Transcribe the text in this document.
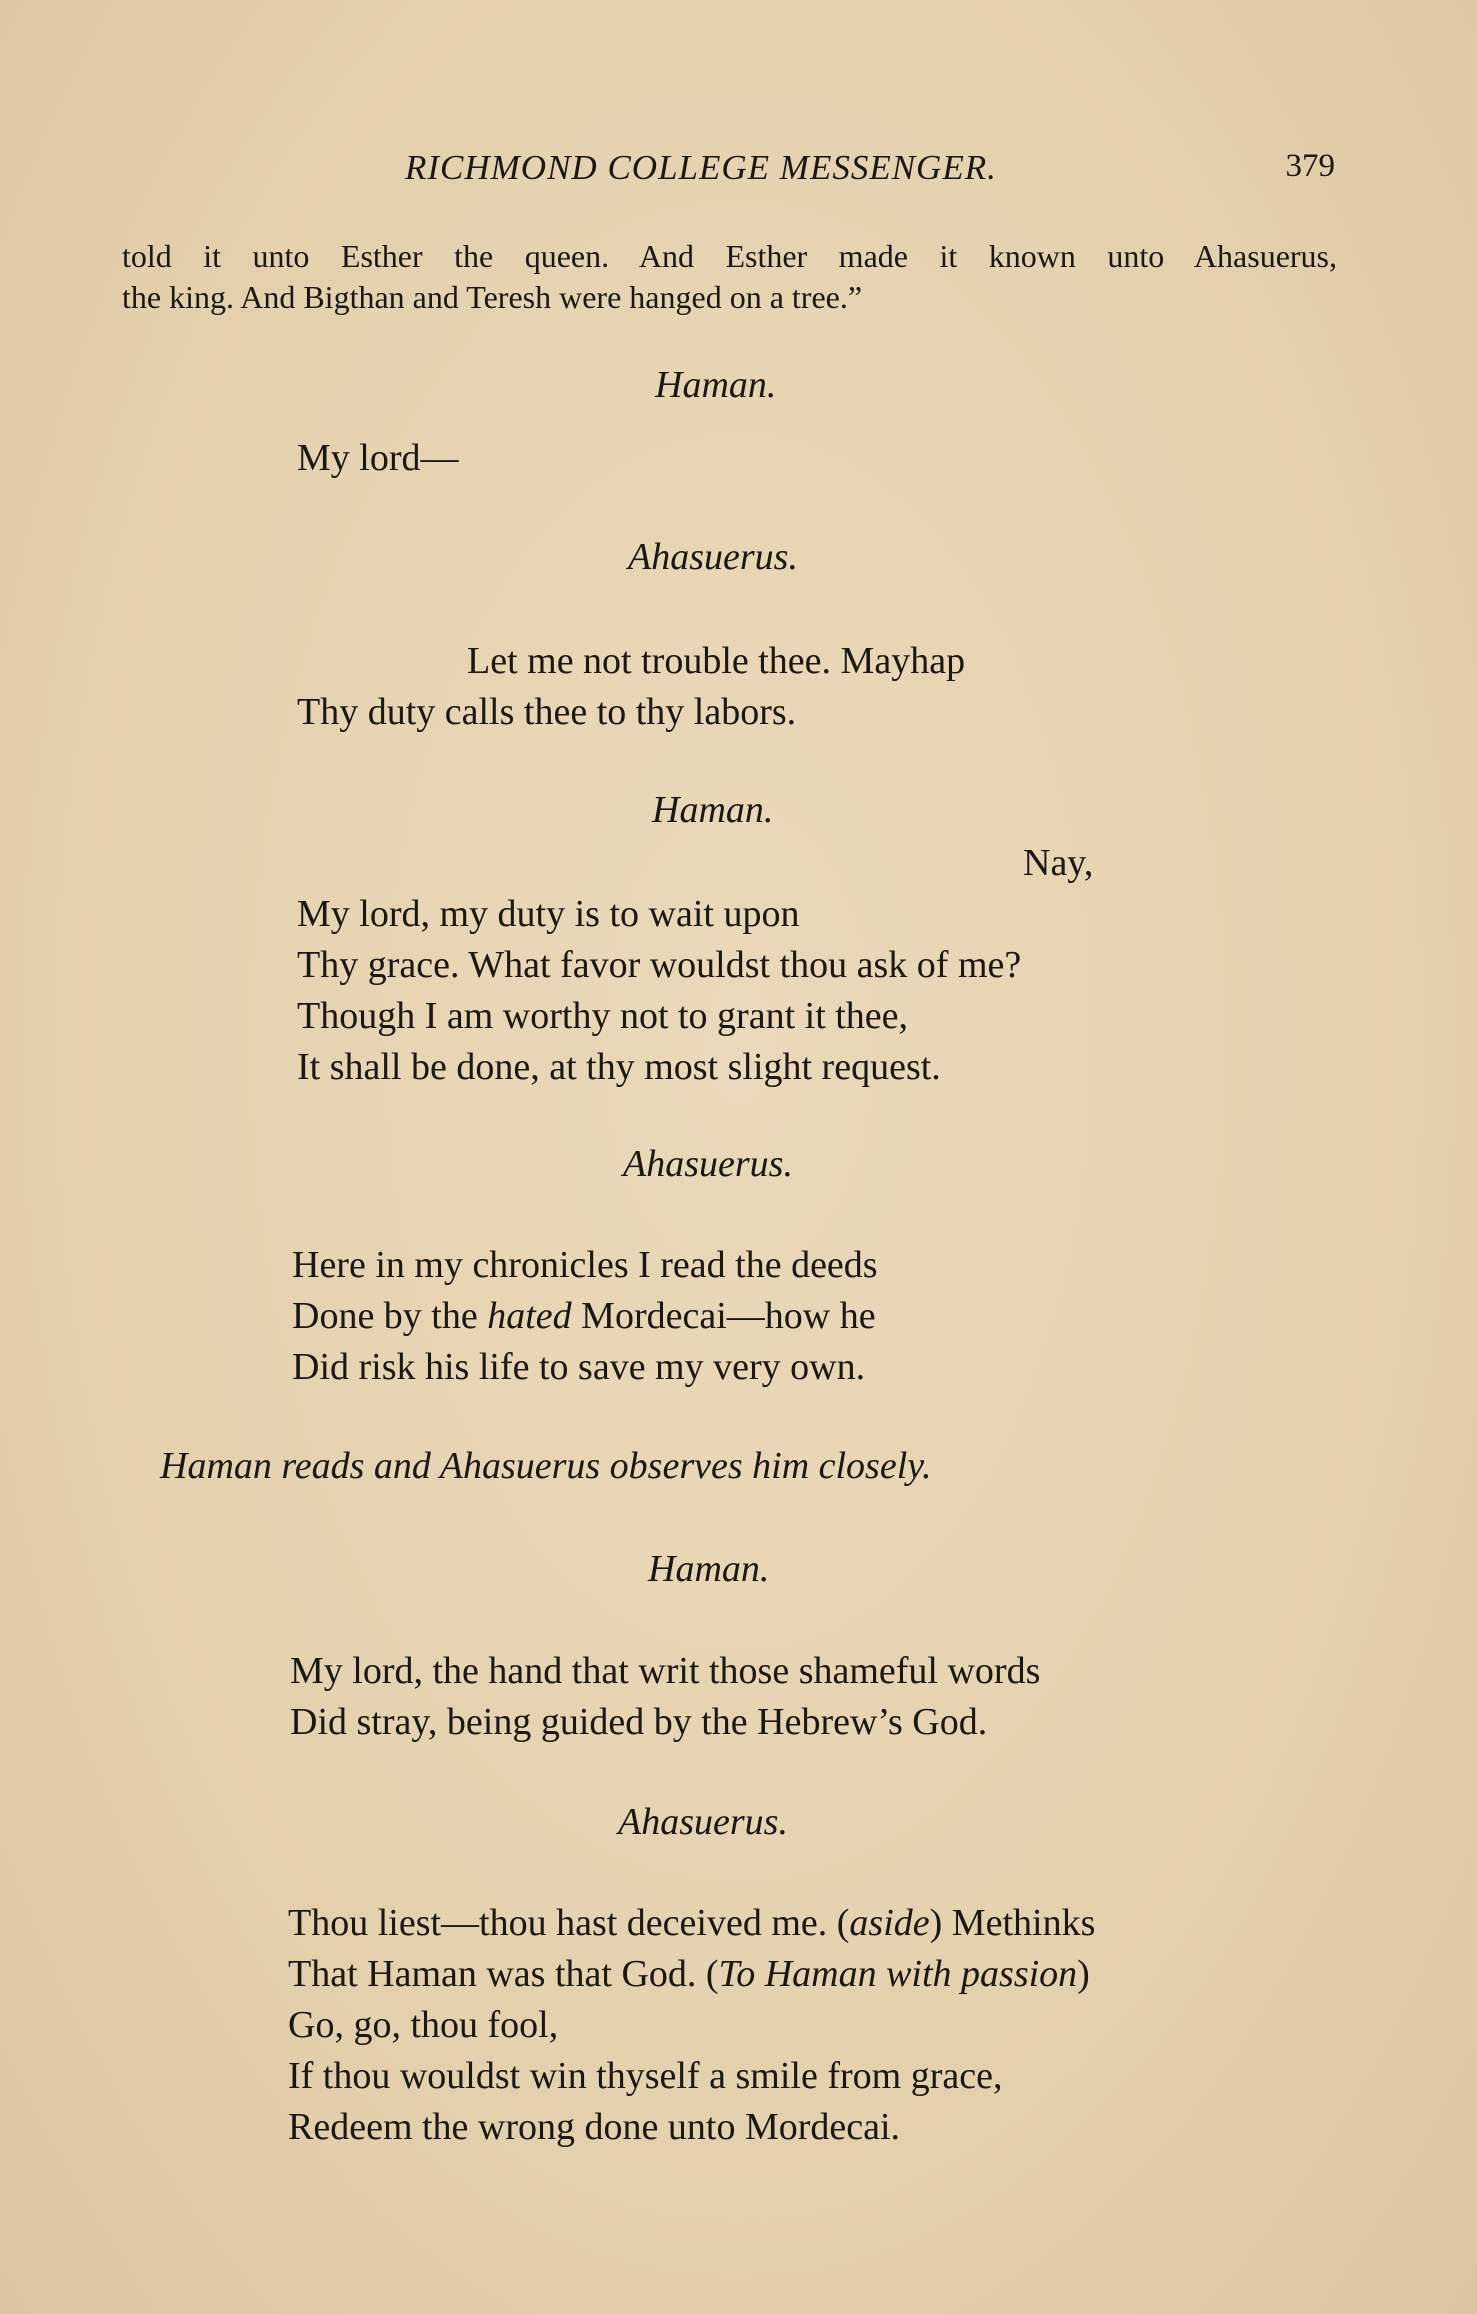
RICHMOND COLLEGE MESSENGER.	379
told it unto Esther the queen. And Esther made it known unto Ahasuerus,
the king. And Bigthan and Teresh were hanged on a tree.”
Haman.
My lord—
Ahasuerus.
Let me not trouble thee. Mayhap
Thy duty calls thee to thy labors.
Haman.
Nay,
My lord, my duty is to wait upon
Thy grace. What favor wouldst thou ask of me?
Though I am worthy not to grant it thee,
It shall be done, at thy most slight request.
Ahasuerus.
Here in my chronicles I read the deeds
Done by the hated Mordecai—how he
Did risk his life to save my very own.
Haman reads and Ahasuerus observes him closely.
Haman.
My lord, the hand that writ those shameful words
Did stray, being guided by the Hebrew’s God.
Ahasuerus.
Thou liest—thou hast deceived me. (aside) Methinks
That Haman was that God. (To Haman with passion)
Go, go, thou fool,
If thou wouldst win thyself a smile from grace,
Redeem the wrong done unto Mordecai.
